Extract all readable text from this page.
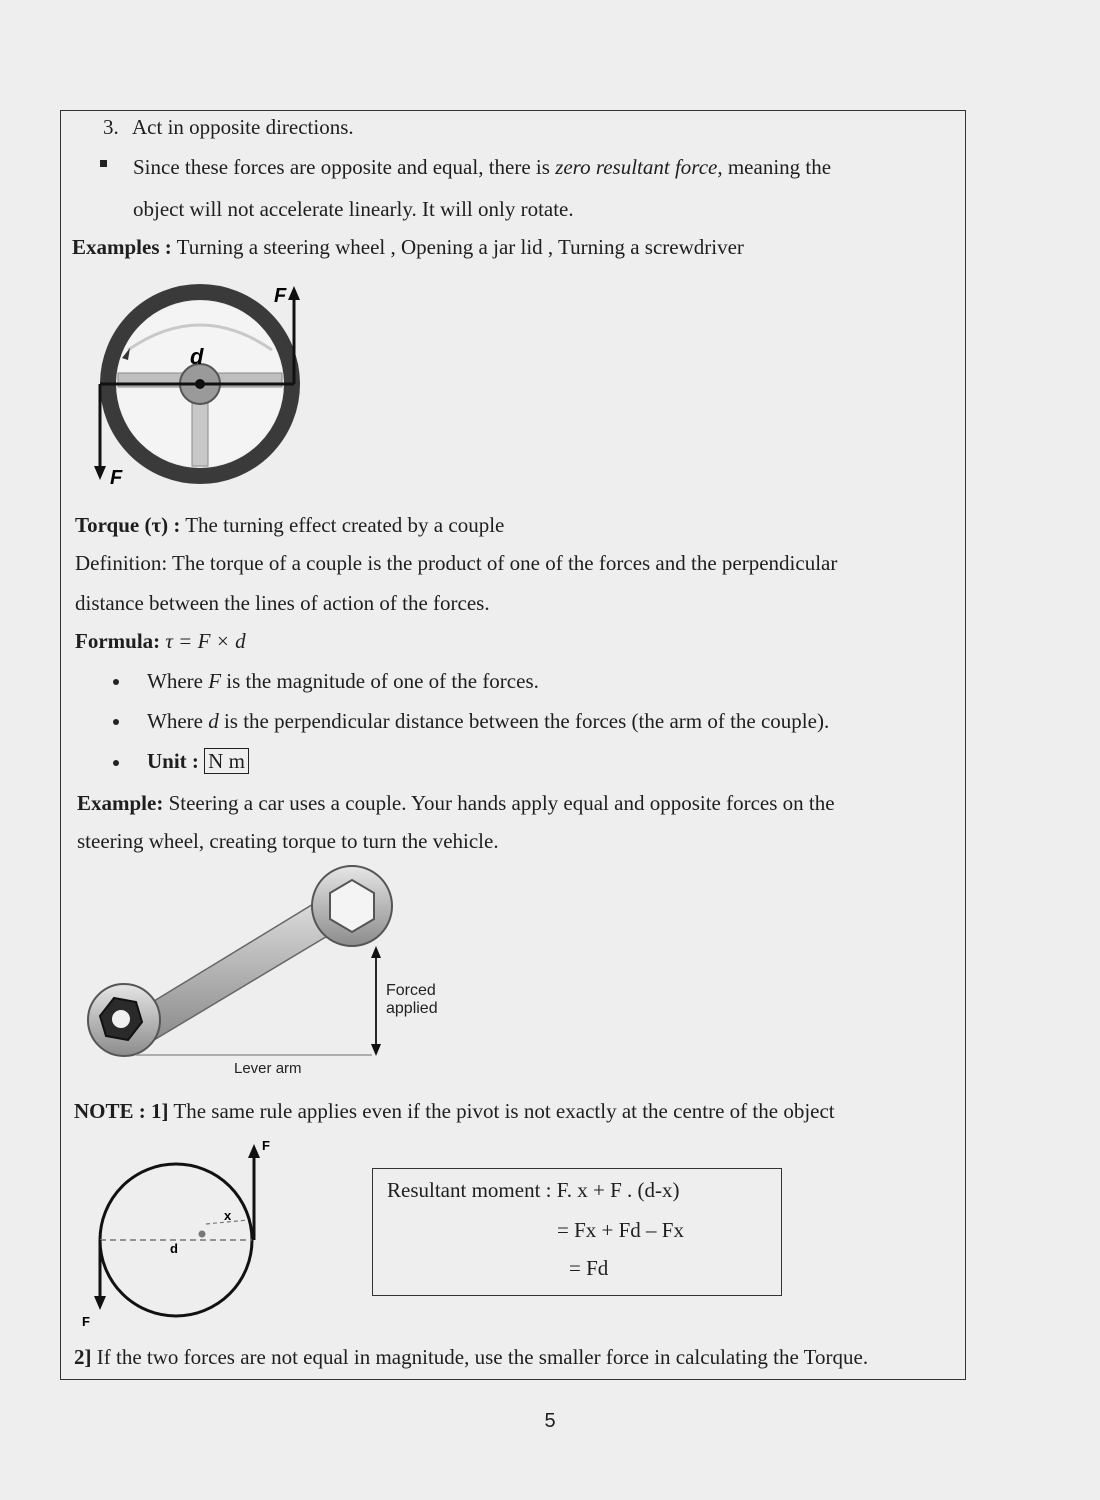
3. Act in opposite directions.
Since these forces are opposite and equal, there is zero resultant force, meaning the
object will not accelerate linearly. It will only rotate.
Examples : Turning a steering wheel , Opening a jar lid , Turning a screwdriver
F
F
d
Torque (τ) : The turning effect created by a couple
Definition: The torque of a couple is the product of one of the forces and the perpendicular
distance between the lines of action of the forces.
Formula: τ = F × d
Where F is the magnitude of one of the forces.
Where d is the perpendicular distance between the forces (the arm of the couple).
Unit : N m
Example: Steering a car uses a couple. Your hands apply equal and opposite forces on the
steering wheel, creating torque to turn the vehicle.
Forced
applied
Lever arm
NOTE : 1] The same rule applies even if the pivot is not exactly at the centre of the object
x
d
F
F
Resultant moment : F. x + F . (d-x)
= Fx + Fd – Fx
= Fd
2] If the two forces are not equal in magnitude, use the smaller force in calculating the Torque.
5
